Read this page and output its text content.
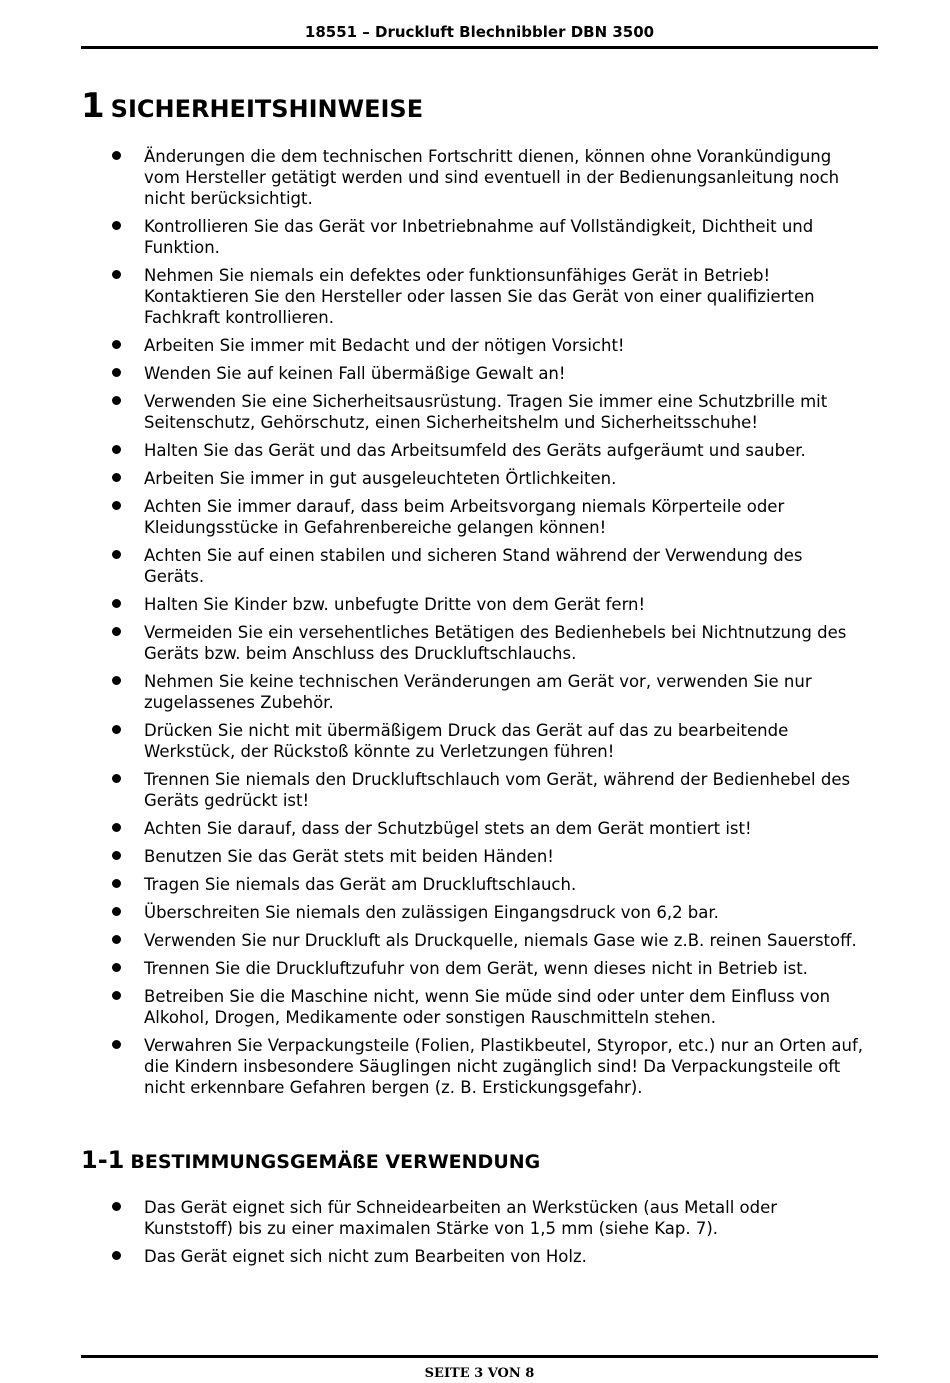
18551 – Druckluft Blechnibbler DBN 3500
1 SICHERHEITSHINWEISE
Änderungen die dem technischen Fortschritt dienen, können ohne Vorankündigung vom Hersteller getätigt werden und sind eventuell in der Bedienungsanleitung noch nicht berücksichtigt.
Kontrollieren Sie das Gerät vor Inbetriebnahme auf Vollständigkeit, Dichtheit und Funktion.
Nehmen Sie niemals ein defektes oder funktionsunfähiges Gerät in Betrieb! Kontaktieren Sie den Hersteller oder lassen Sie das Gerät von einer qualifizierten Fachkraft kontrollieren.
Arbeiten Sie immer mit Bedacht und der nötigen Vorsicht!
Wenden Sie auf keinen Fall übermäßige Gewalt an!
Verwenden Sie eine Sicherheitsausrüstung. Tragen Sie immer eine Schutzbrille mit Seitenschutz, Gehörschutz, einen Sicherheitshelm und Sicherheitsschuhe!
Halten Sie das Gerät und das Arbeitsumfeld des Geräts aufgeräumt und sauber.
Arbeiten Sie immer in gut ausgeleuchteten Örtlichkeiten.
Achten Sie immer darauf, dass beim Arbeitsvorgang niemals Körperteile oder Kleidungsstücke in Gefahrenbereiche gelangen können!
Achten Sie auf einen stabilen und sicheren Stand während der Verwendung des Geräts.
Halten Sie Kinder bzw. unbefugte Dritte von dem Gerät fern!
Vermeiden Sie ein versehentliches Betätigen des Bedienhebels bei Nichtnutzung des Geräts bzw. beim Anschluss des Druckluftschlauchs.
Nehmen Sie keine technischen Veränderungen am Gerät vor, verwenden Sie nur zugelassenes Zubehör.
Drücken Sie nicht mit übermäßigem Druck das Gerät auf das zu bearbeitende Werkstück, der Rückstoß könnte zu Verletzungen führen!
Trennen Sie niemals den Druckluftschlauch vom Gerät, während der Bedienhebel des Geräts gedrückt ist!
Achten Sie darauf, dass der Schutzbügel stets an dem Gerät montiert ist!
Benutzen Sie das Gerät stets mit beiden Händen!
Tragen Sie niemals das Gerät am Druckluftschlauch.
Überschreiten Sie niemals den zulässigen Eingangsdruck von 6,2 bar.
Verwenden Sie nur Druckluft als Druckquelle, niemals Gase wie z.B. reinen Sauerstoff.
Trennen Sie die Druckluftzufuhr von dem Gerät, wenn dieses nicht in Betrieb ist.
Betreiben Sie die Maschine nicht, wenn Sie müde sind oder unter dem Einfluss von Alkohol, Drogen, Medikamente oder sonstigen Rauschmitteln stehen.
Verwahren Sie Verpackungsteile (Folien, Plastikbeutel, Styropor, etc.) nur an Orten auf, die Kindern insbesondere Säuglingen nicht zugänglich sind! Da Verpackungsteile oft nicht erkennbare Gefahren bergen (z. B. Erstickungsgefahr).
1-1 BESTIMMUNGSGEMÄßE VERWENDUNG
Das Gerät eignet sich für Schneidearbeiten an Werkstücken (aus Metall oder Kunststoff) bis zu einer maximalen Stärke von 1,5 mm (siehe Kap. 7).
Das Gerät eignet sich nicht zum Bearbeiten von Holz.
SEITE 3 VON 8
